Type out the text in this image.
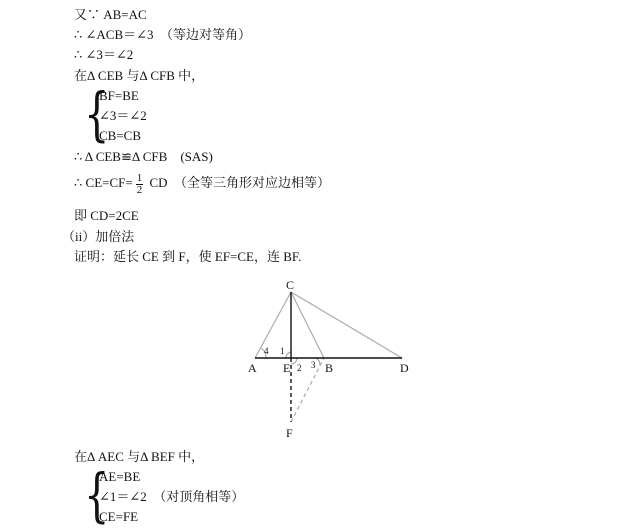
又∵ AB=AC
∴ ∠ACB＝∠3　（等边对等角）
∴ ∠3＝∠2
在Δ CEB 与Δ CFB 中，
{
BF=BE
∠3＝∠2
CB=CB
∴ Δ CEB≌Δ CFB　(SAS)
∴ $CE=CF= \frac{1}{2}$ CD　（全等三角形对应边相等）
即 CD=2CE
（ii）加倍法
证明：延长 CE 到 F，使 EF=CE，连 BF.
C
A E	B	D
F
4 1
2 3
在Δ AEC 与Δ BEF 中，
{
AE=BE
∠1＝∠2　（对顶角相等）
CE=FE
